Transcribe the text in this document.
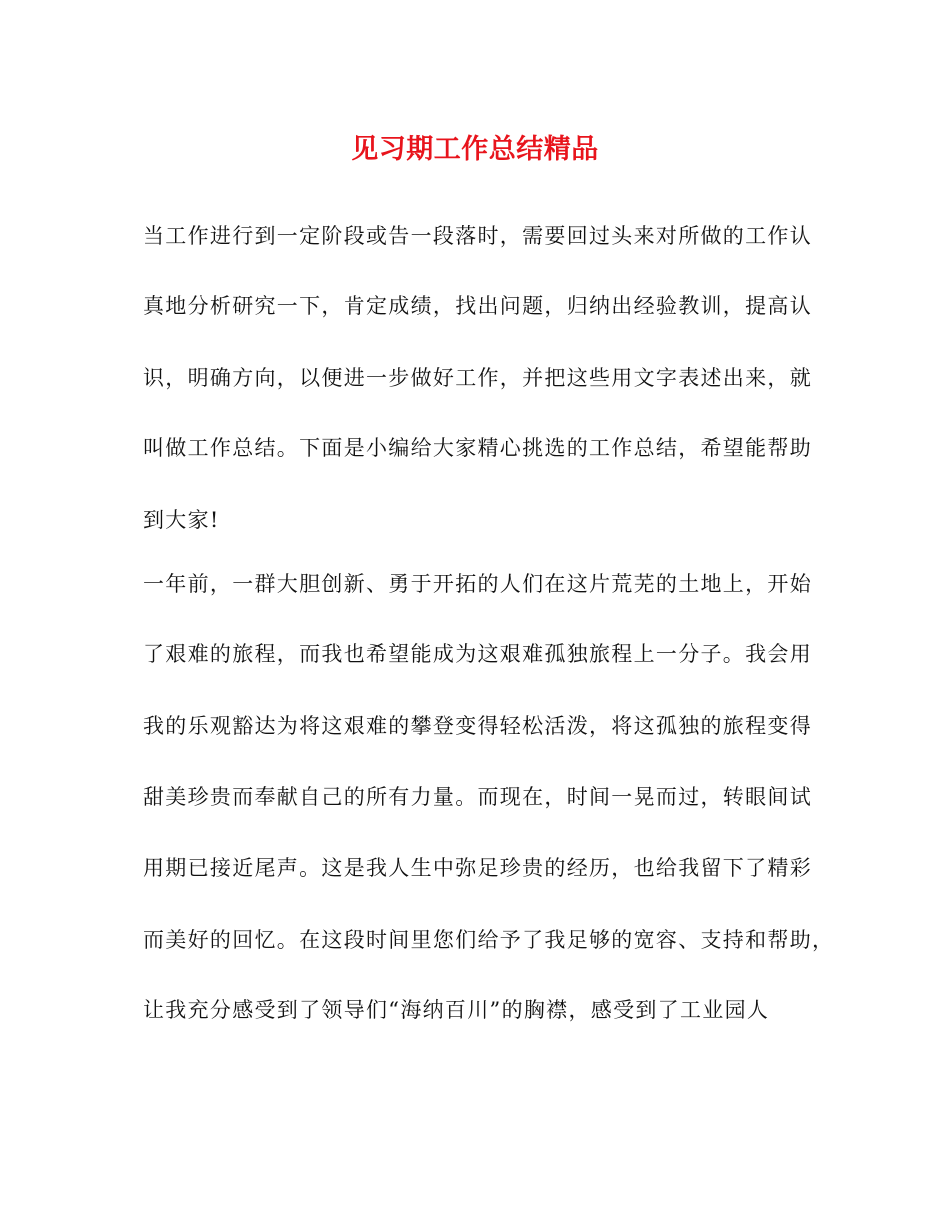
见习期工作总结精品
当工作进行到一定阶段或告一段落时，需要回过头来对所做的工作认
真地分析研究一下，肯定成绩，找出问题，归纳出经验教训，提高认
识，明确方向，以便进一步做好工作，并把这些用文字表述出来，就
叫做工作总结。下面是小编给大家精心挑选的工作总结，希望能帮助
到大家!
一年前，一群大胆创新、勇于开拓的人们在这片荒芜的土地上，开始
了艰难的旅程，而我也希望能成为这艰难孤独旅程上一分子。我会用
我的乐观豁达为将这艰难的攀登变得轻松活泼，将这孤独的旅程变得
甜美珍贵而奉献自己的所有力量。而现在，时间一晃而过，转眼间试
用期已接近尾声。这是我人生中弥足珍贵的经历，也给我留下了精彩
而美好的回忆。在这段时间里您们给予了我足够的宽容、支持和帮助，
让我充分感受到了领导们“海纳百川”的胸襟，感受到了工业园人
